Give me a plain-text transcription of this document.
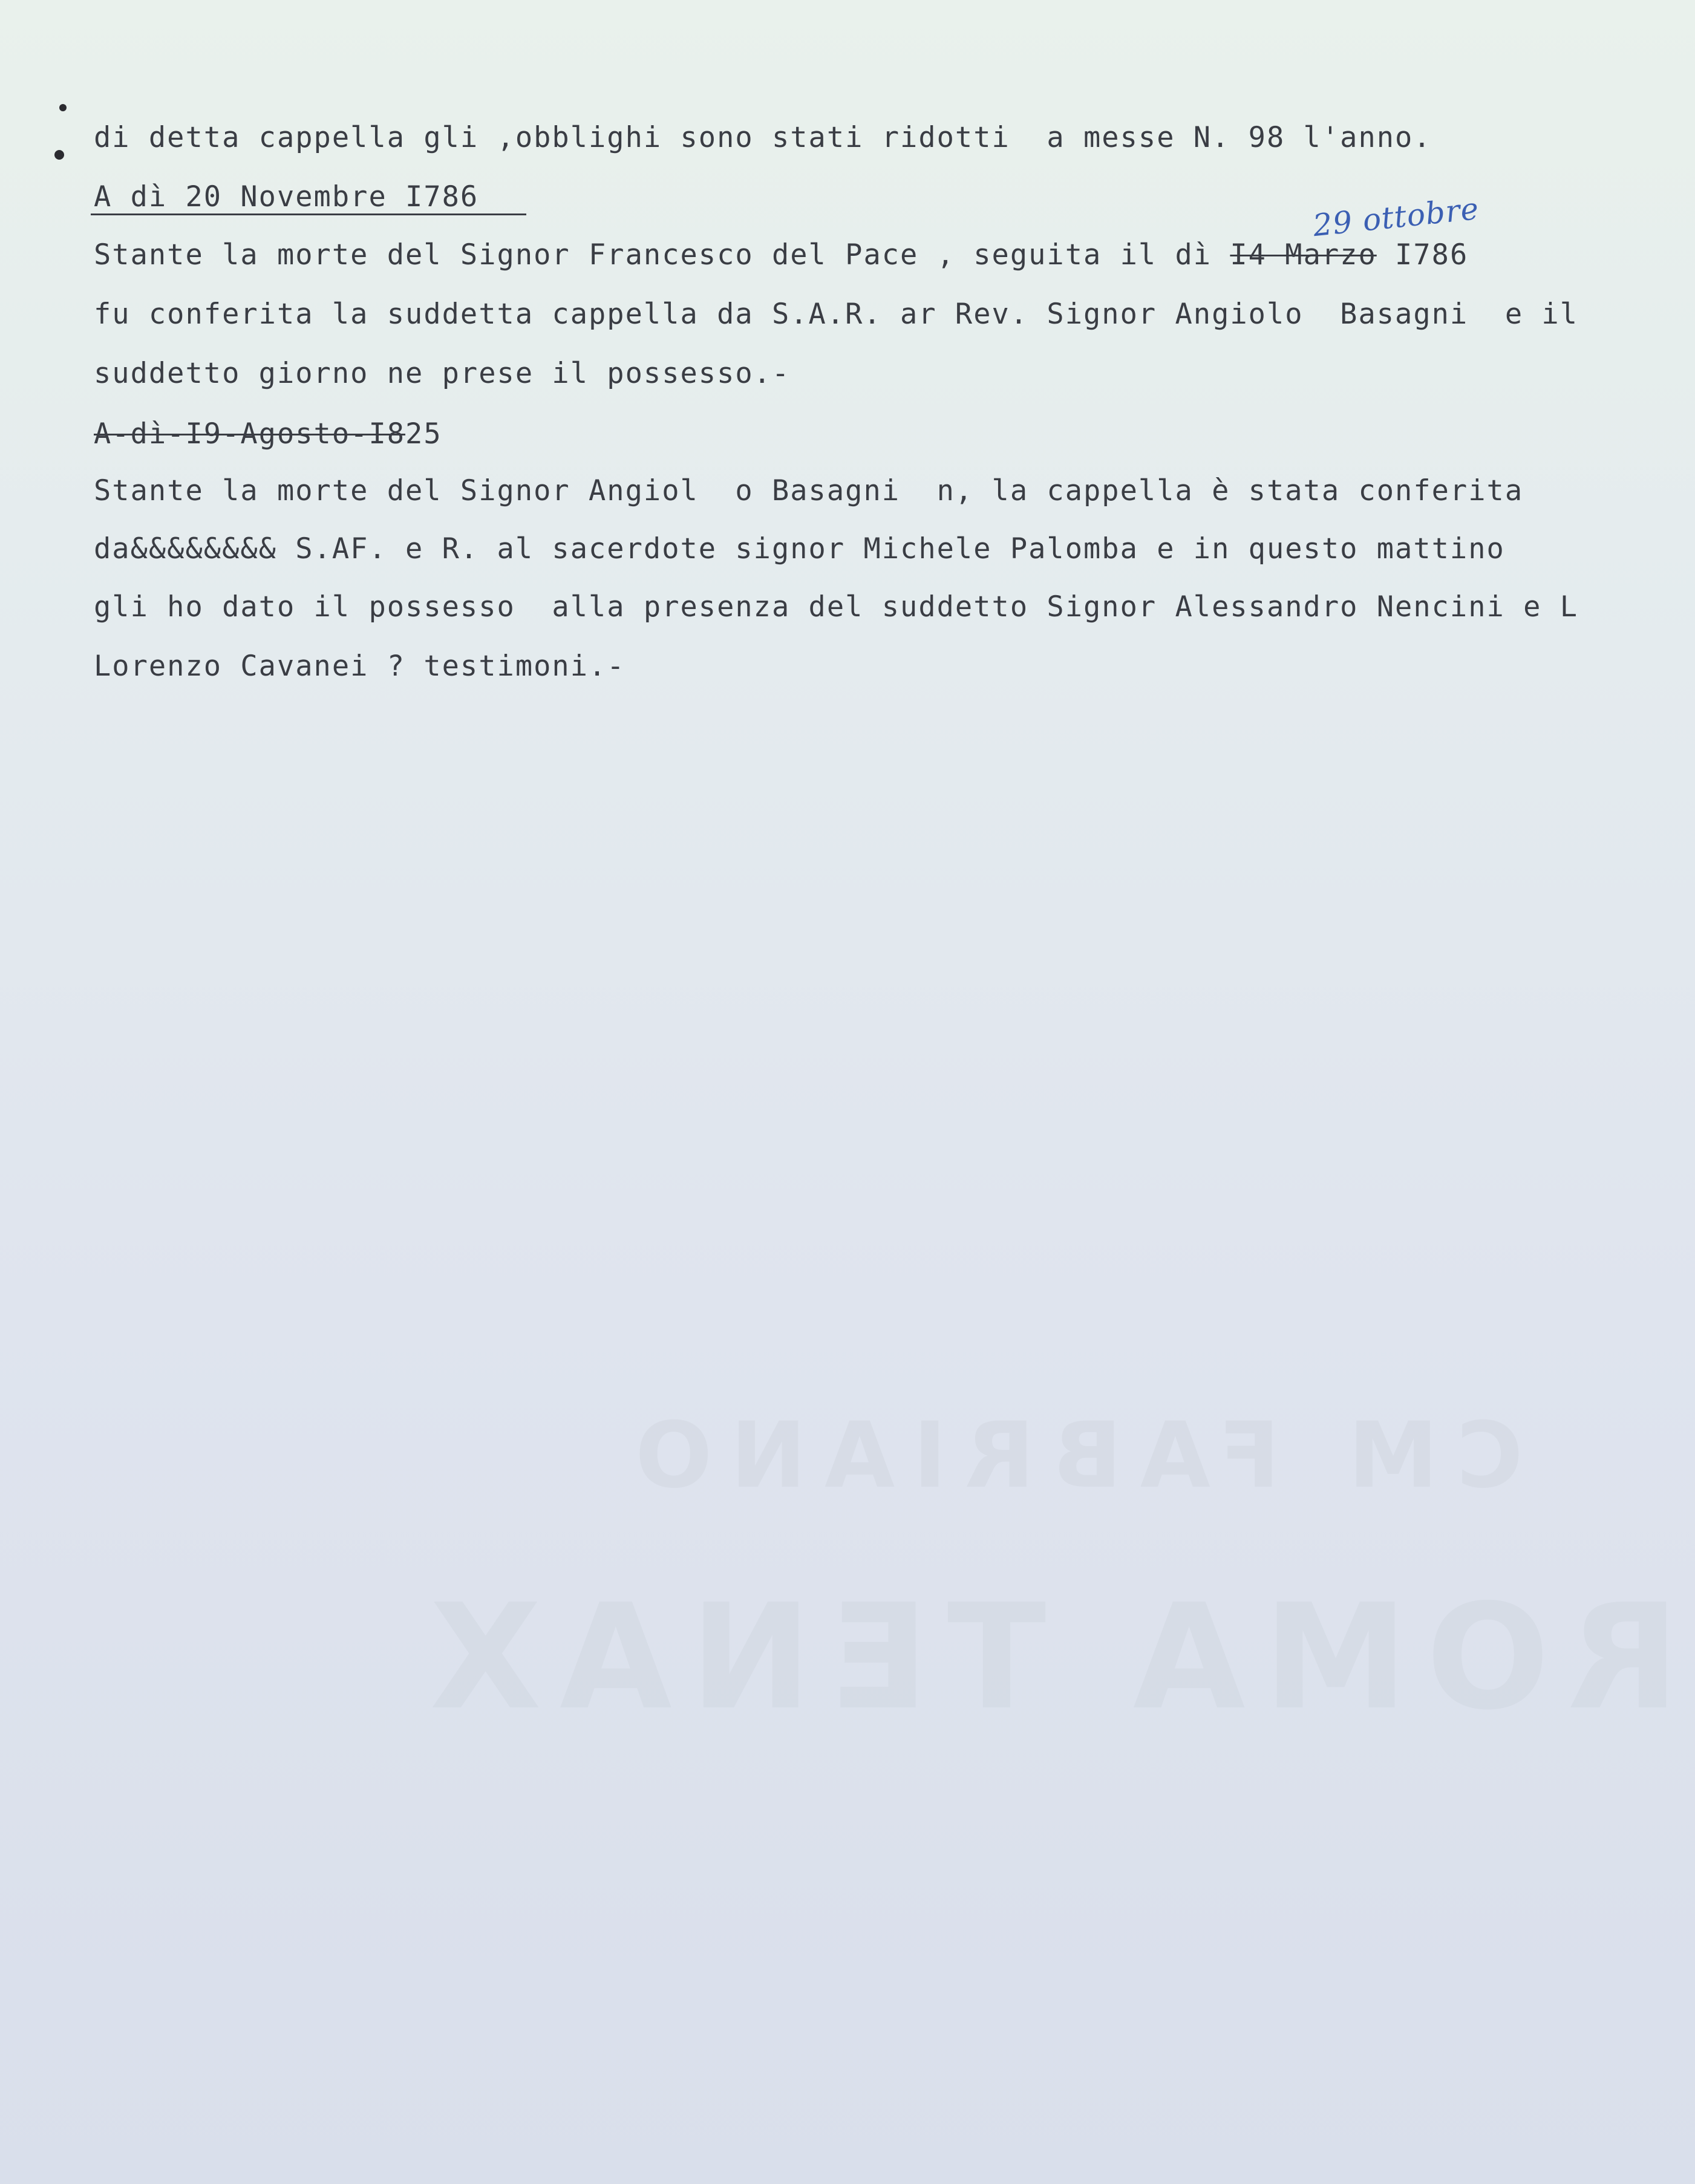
di detta cappella gli ,obblighi sono stati ridotti  a messe N. 98 l'anno.
A dì 20 Novembre I786	29 ottobre
Stante la morte del Signor Francesco del Pace , seguita il dì I4 Marzo I786
fu conferita la suddetta cappella da S.A.R. ar Rev. Signor Angiolo  Basagni  e il
suddetto giorno ne prese il possesso.-
A-dì-I9-Agosto-I825
Stante la morte del Signor Angiol  o Basagni  n, la cappella è stata conferita
da&&&&&&&& S.AF. e R. al sacerdote signor Michele Palomba e in questo mattino
gli ho dato il possesso  alla presenza del suddetto Signor Alessandro Nencini e L
Lorenzo Cavanei ? testimoni.-
CM FABRIANO
ROMA TENAX
